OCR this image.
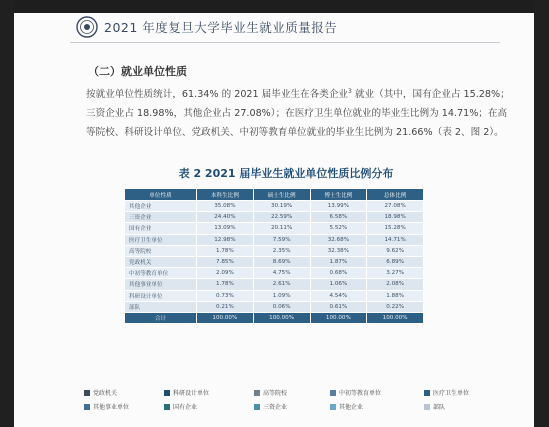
2021 年度复旦大学毕业生就业质量报告
（二）就业单位性质
按就业单位性质统计，61.34% 的 2021 届毕业生在各类企业$^3$ 就业（其中，国有企业占 15.28%；三资企业占 18.98%，其他企业占 27.08%）；在医疗卫生单位就业的毕业生比例为 14.71%；在高等院校、科研设计单位、党政机关、中初等教育单位就业的毕业生比例为 21.66%（表 2、图 2）。
表 2 2021 届毕业生就业单位性质比例分布
单位性质	本科生比例	硕士生比例	博士生比例	总体比例
其他企业	35.08%	30.19%	13.99%	27.08%
三资企业	24.40%	22.59%	6.58%	18.98%
国有企业	13.09%	20.11%	5.52%	15.28%
医疗卫生单位	12.98%	7.59%	32.68%	14.71%
高等院校	1.78%	2.35%	32.38%	9.62%
党政机关	7.85%	8.69%	1.87%	6.89%
中初等教育单位	2.09%	4.75%	0.68%	3.27%
其他事业单位	1.78%	2.61%	1.06%	2.08%
科研设计单位	0.73%	1.09%	4.54%	1.88%
部队	0.21%	0.06%	0.61%	0.22%
合计	100.00%	100.00%	100.00%	100.00%
党政机关	科研设计单位	高等院校	中初等教育单位	医疗卫生单位
其他事业单位	国有企业	三资企业	其他企业	部队
